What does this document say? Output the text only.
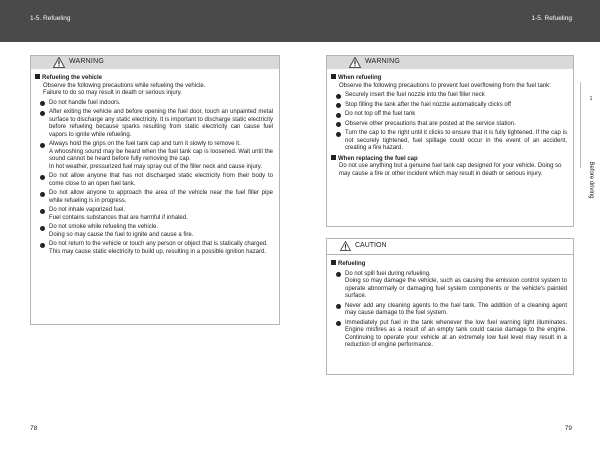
1-5. Refueling	1-5. Refueling
1
Before driving
WARNING
Refueling the vehicle
Observe the following precautions while refueling the vehicle.
Failure to do so may result in death or serious injury.
Do not handle fuel indoors.
After exiting the vehicle and before opening the fuel door, touch an unpainted metal surface to discharge any static electricity. It is important to discharge static electricity before refueling because sparks resulting from static electricity can cause fuel vapors to ignite while refueling.
Always hold the grips on the fuel tank cap and turn it slowly to remove it.
A whooshing sound may be heard when the fuel tank cap is loosened. Wait until the sound cannot be heard before fully removing the cap.
In hot weather, pressurized fuel may spray out of the filler neck and cause injury.
Do not allow anyone that has not discharged static electricity from their body to come close to an open fuel tank.
Do not allow anyone to approach the area of the vehicle near the fuel filler pipe while refueling is in progress.
Do not inhale vaporized fuel.
Fuel contains substances that are harmful if inhaled.
Do not smoke while refueling the vehicle.
Doing so may cause the fuel to ignite and cause a fire.
Do not return to the vehicle or touch any person or object that is statically charged.
This may cause static electricity to build up, resulting in a possible ignition hazard.
WARNING
When refueling
Observe the following precautions to prevent fuel overflowing from the fuel tank:
Securely insert the fuel nozzle into the fuel filler neck
Stop filling the tank after the fuel nozzle automatically clicks off
Do not top off the fuel tank
Observe other precautions that are posted at the service station.
Turn the cap to the right until it clicks to ensure that it is fully tightened. If the cap is not securely tightened, fuel spillage could occur in the event of an accident, creating a fire hazard.
When replacing the fuel cap
Do not use anything but a genuine fuel tank cap designed for your vehicle. Doing so may cause a fire or other incident which may result in death or serious injury.
CAUTION
Refueling
Do not spill fuel during refueling.
Doing so may damage the vehicle, such as causing the emission control system to operate abnormally or damaging fuel system components or the vehicle's painted surface.
Never add any cleaning agents to the fuel tank. The addition of a cleaning agent may cause damage to the fuel system.
Immediately put fuel in the tank whenever the low fuel warning light illuminates. Engine misfires as a result of an empty tank could cause damage to the engine. Continuing to operate your vehicle at an extremely low fuel level may result in a reduction of engine performance.
78	79
